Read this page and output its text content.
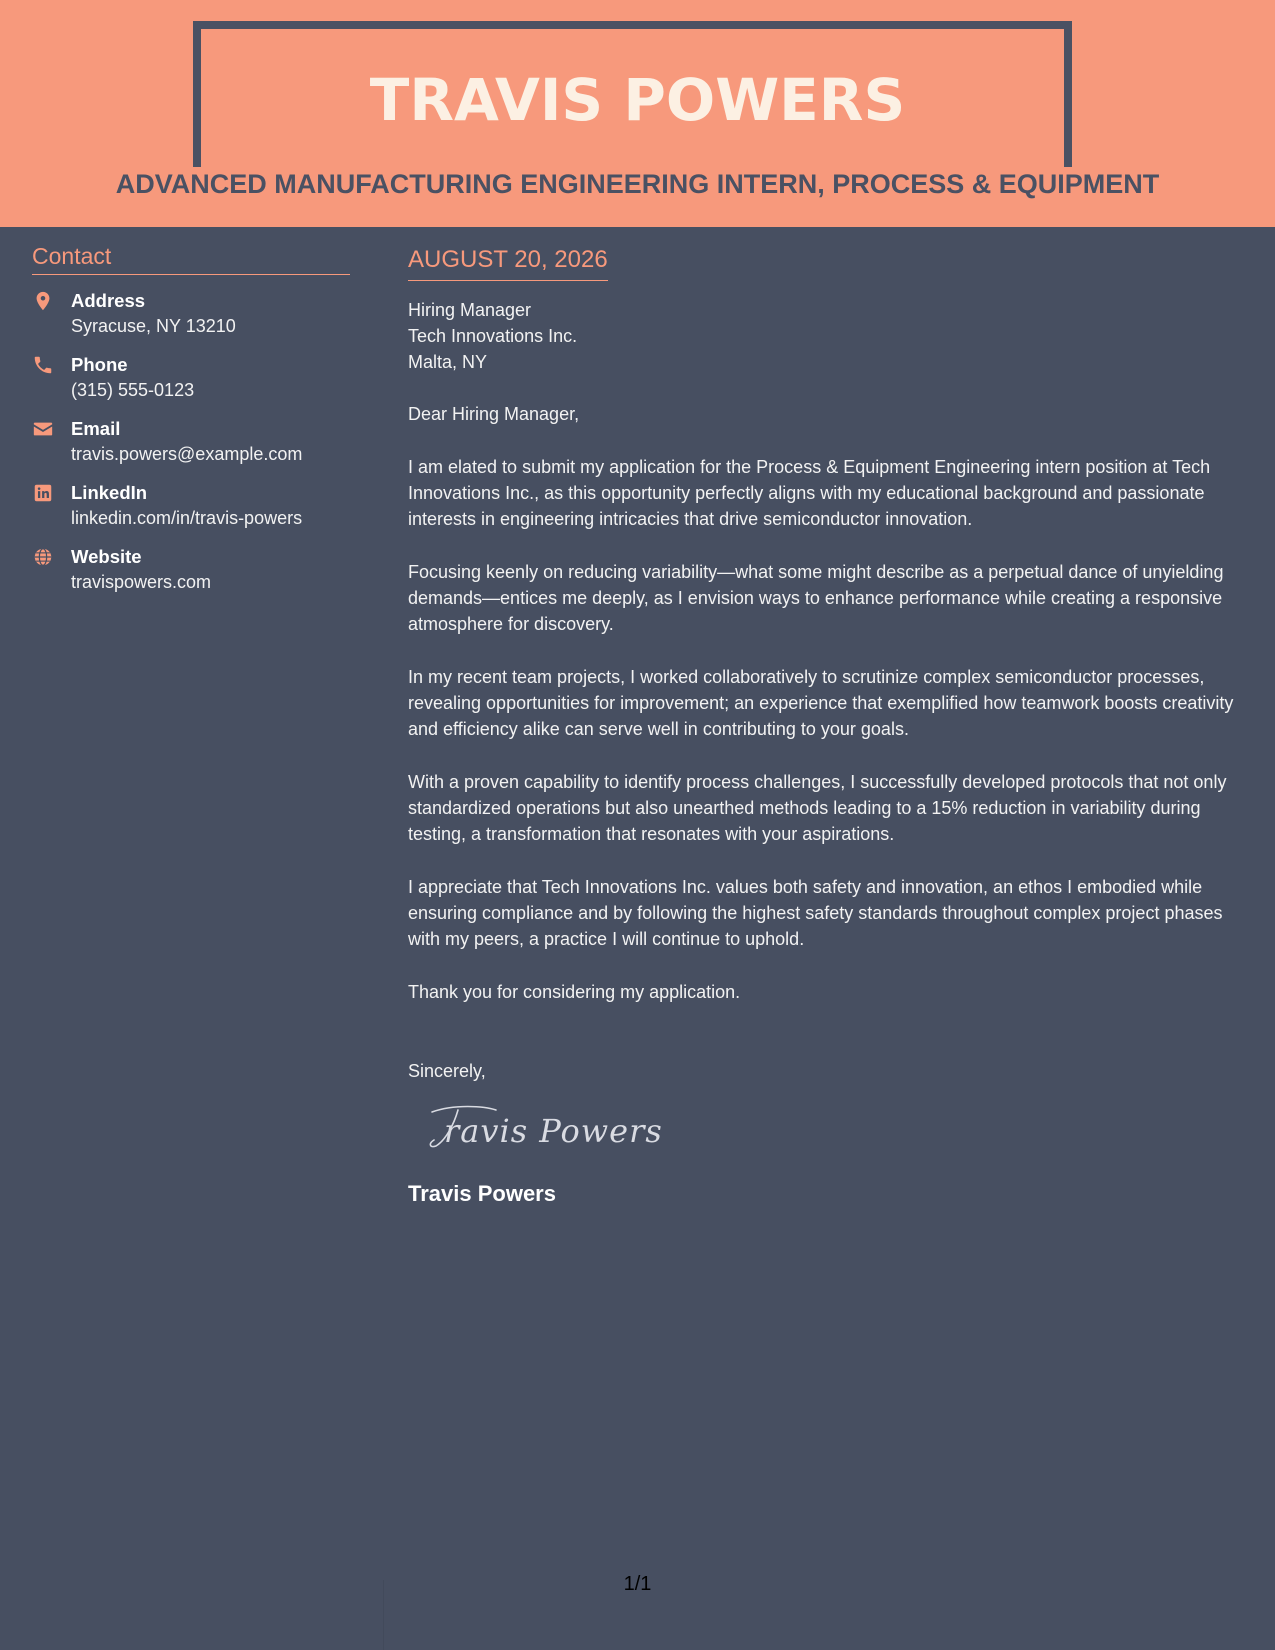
TRAVIS POWERS
ADVANCED MANUFACTURING ENGINEERING INTERN, PROCESS & EQUIPMENT
Contact
Address
Syracuse, NY 13210
Phone
(315) 555-0123
Email
travis.powers@example.com
LinkedIn
linkedin.com/in/travis-powers
Website
travispowers.com
AUGUST 20, 2026
Hiring Manager
Tech Innovations Inc.
Malta, NY

Dear Hiring Manager,

I am elated to submit my application for the Process & Equipment Engineering intern position at Tech Innovations Inc., as this opportunity perfectly aligns with my educational background and passionate interests in engineering intricacies that drive semiconductor innovation.

Focusing keenly on reducing variability—what some might describe as a perpetual dance of unyielding demands—entices me deeply, as I envision ways to enhance performance while creating a responsive atmosphere for discovery.

In my recent team projects, I worked collaboratively to scrutinize complex semiconductor processes, revealing opportunities for improvement; an experience that exemplified how teamwork boosts creativity and efficiency alike can serve well in contributing to your goals.

With a proven capability to identify process challenges, I successfully developed protocols that not only standardized operations but also unearthed methods leading to a 15% reduction in variability during testing, a transformation that resonates with your aspirations.

I appreciate that Tech Innovations Inc. values both safety and innovation, an ethos I embodied while ensuring compliance and by following the highest safety standards throughout complex project phases with my peers, a practice I will continue to uphold.

Thank you for considering my application.

Sincerely,
ravis Powers
Travis Powers
1/1
